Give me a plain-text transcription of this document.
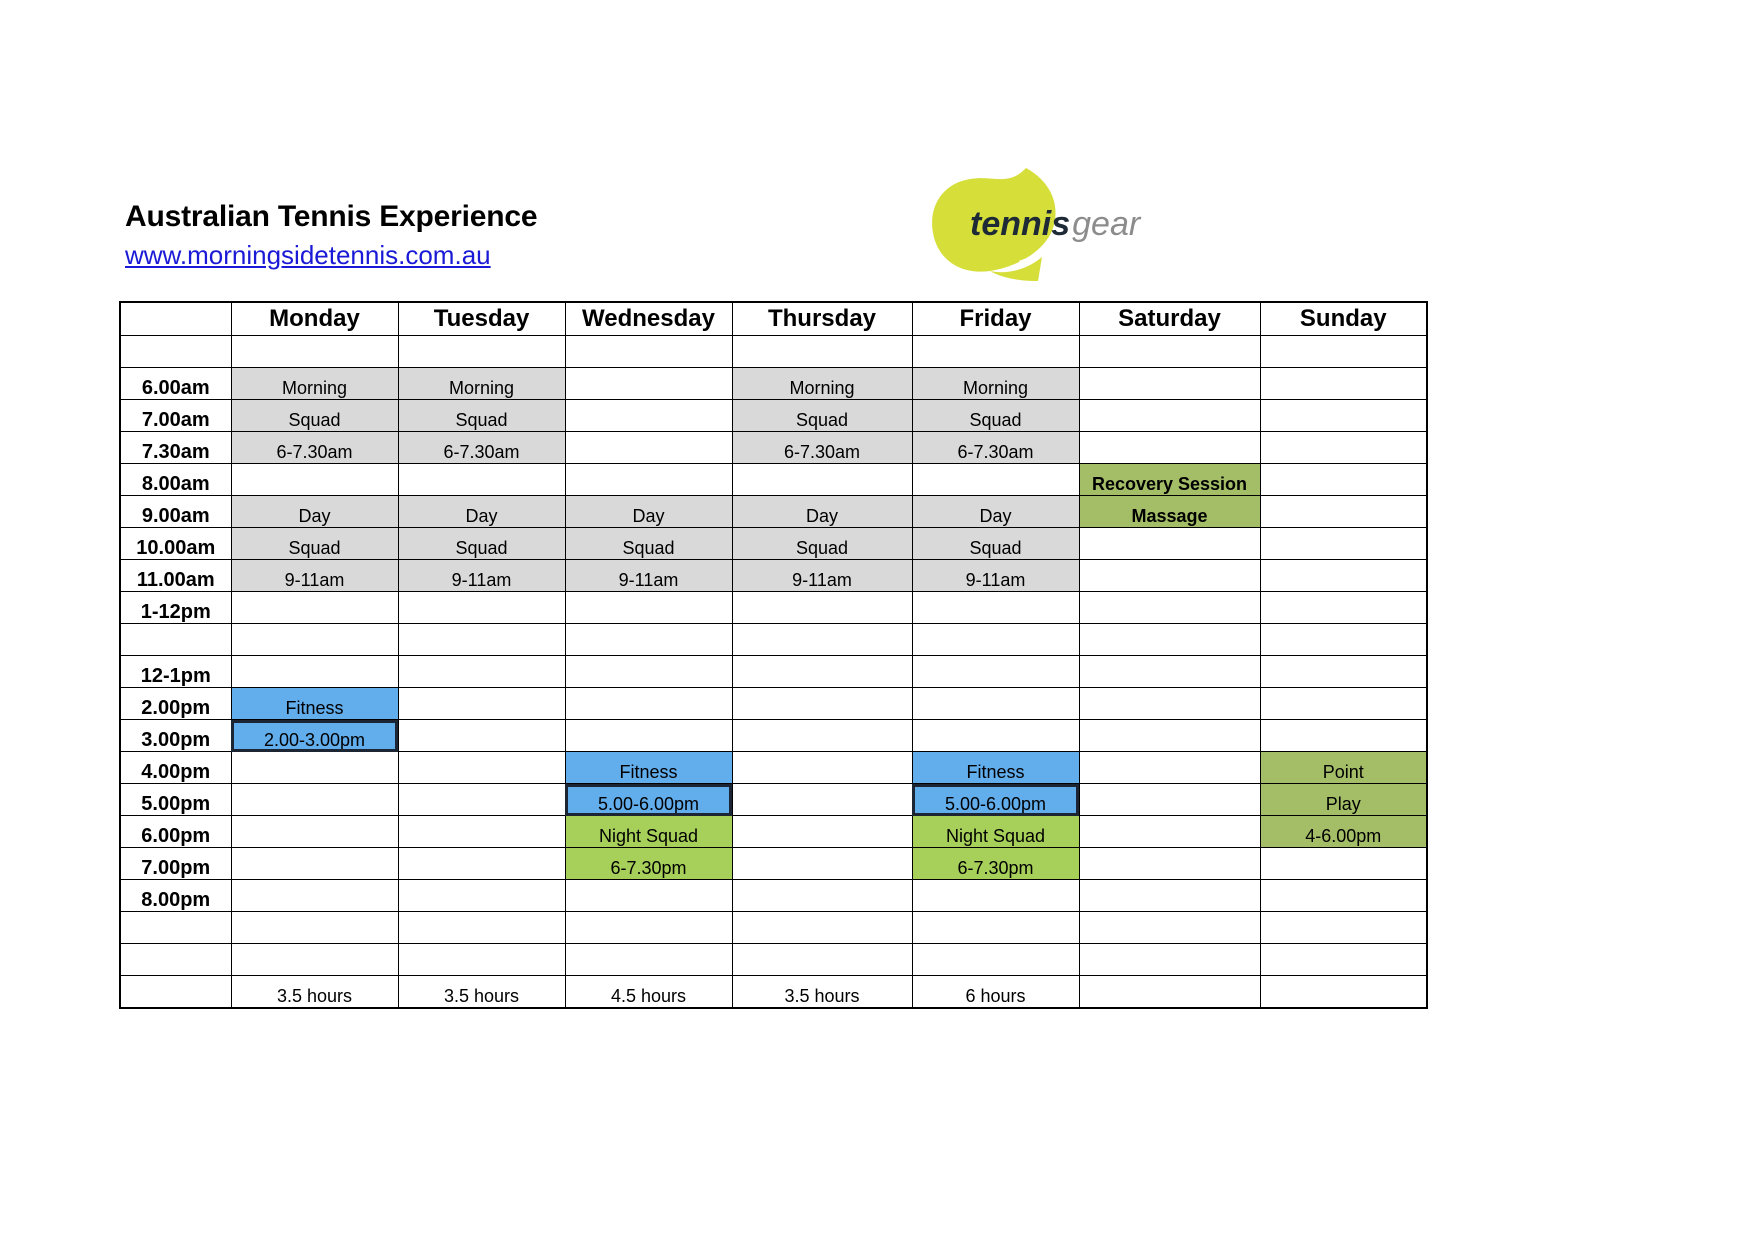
Australian Tennis Experience
www.morningsidetennis.com.au
tennisgear
	Monday	Tuesday	Wednesday	Thursday	Friday	Saturday	Sunday

6.00am	Morning	Morning		Morning	Morning		
7.00am	Squad	Squad		Squad	Squad		
7.30am	6-7.30am	6-7.30am		6-7.30am	6-7.30am		
8.00am						Recovery Session	
9.00am	Day	Day	Day	Day	Day	Massage	
10.00am	Squad	Squad	Squad	Squad	Squad		
11.00am	9-11am	9-11am	9-11am	9-11am	9-11am		
1-12pm							

12-1pm							
2.00pm	Fitness						
3.00pm	2.00-3.00pm						
4.00pm			Fitness		Fitness		Point
5.00pm			5.00-6.00pm		5.00-6.00pm		Play
6.00pm			Night Squad		Night Squad		4-6.00pm
7.00pm			6-7.30pm		6-7.30pm		
8.00pm							

	3.5 hours	3.5 hours	4.5 hours	3.5 hours	6 hours		
